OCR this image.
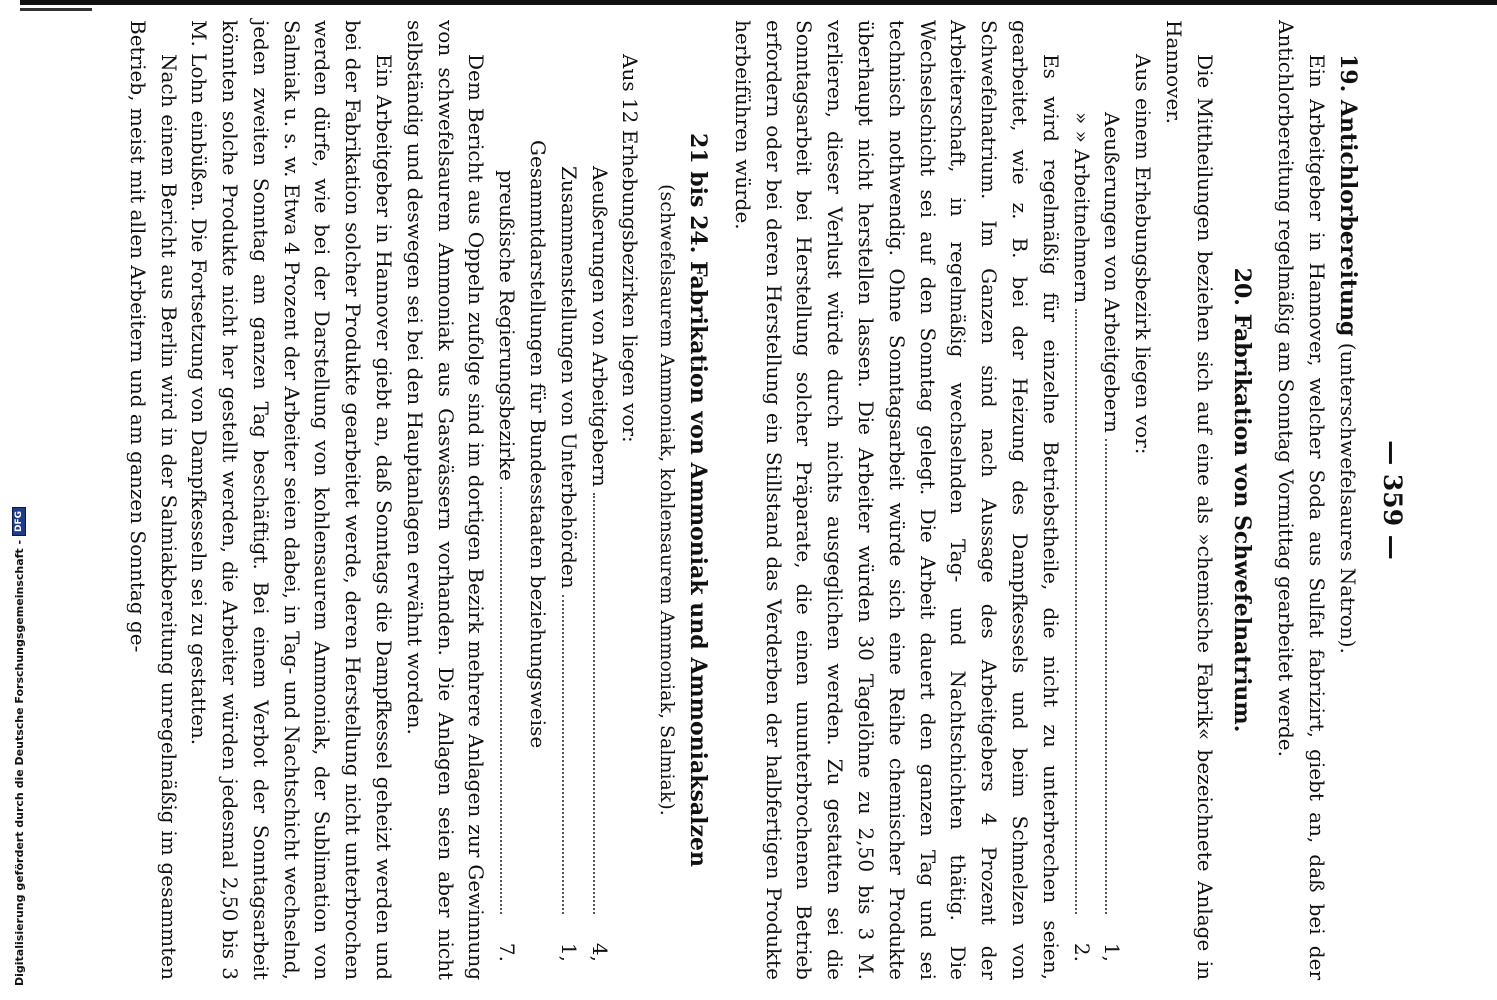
— 359 —

19. Antichlorbereitung (unterschwefelsaures Natron).

Ein Arbeitgeber in Hannover, welcher Soda aus Sulfat fabrizirt, giebt an, daß bei der Antichlorbereitung regelmäßig am Sonntag Vormittag gearbeitet werde.

20. Fabrikation von Schwefelnatrium.

Die Mittheilungen beziehen sich auf eine als »chemische Fabrik« bezeichnete Anlage in Hannover.

Aus einem Erhebungsbezirk liegen vor:

Aeußerungen von Arbeitgebern
1,
» » Arbeitnehmern
2.

Es wird regelmäßig für einzelne Betriebstheile, die nicht zu unterbrechen seien, gearbeitet, wie z. B. bei der Heizung des Dampfkessels und beim Schmelzen von Schwefelnatrium. Im Ganzen sind nach Aussage des Arbeitgebers 4 Prozent der Arbeiterschaft, in regelmäßig wechselnden Tag- und Nachtschichten thätig. Die Wechselschicht sei auf den Sonntag gelegt. Die Arbeit dauert den ganzen Tag und sei technisch nothwendig. Ohne Sonntagsarbeit würde sich eine Reihe chemischer Produkte überhaupt nicht herstellen lassen. Die Arbeiter würden 30 Tagelöhne zu 2,50 bis 3 M. verlieren, dieser Verlust würde durch nichts ausgeglichen werden. Zu gestatten sei die Sonntagsarbeit bei Herstellung solcher Präparate, die einen ununterbrochenen Betrieb erfordern oder bei deren Herstellung ein Stillstand das Verderben der halbfertigen Produkte herbeiführen würde.

21 bis 24. Fabrikation von Ammoniak und Ammoniaksalzen
(schwefelsaurem Ammoniak, kohlensaurem Ammoniak, Salmiak).

Aus 12 Erhebungsbezirken liegen vor:

Aeußerungen von Arbeitgebern
4,
Zusammenstellungen von Unterbehörden
1,
Gesammtdarstellungen für Bundesstaaten beziehungsweise
preußische Regierungsbezirke
7.

Dem Bericht aus Oppeln zufolge sind im dortigen Bezirk mehrere Anlagen zur Gewinnung von schwefelsaurem Ammoniak aus Gaswässern vorhanden. Die Anlagen seien aber nicht selbständig und deswegen sei bei den Hauptanlagen erwähnt worden.

Ein Arbeitgeber in Hannover giebt an, daß Sonntags die Dampfkessel geheizt werden und bei der Fabrikation solcher Produkte gearbeitet werde, deren Herstellung nicht unterbrochen werden dürfe, wie bei der Darstellung von kohlensaurem Ammoniak, der Sublimation von Salmiak u. s. w. Etwa 4 Prozent der Arbeiter seien dabei, in Tag- und Nachtschicht wechselnd, jeden zweiten Sonntag am ganzen Tag beschäftigt. Bei einem Verbot der Sonntagsarbeit könnten solche Produkte nicht her gestellt werden, die Arbeiter würden jedesmal 2,50 bis 3 M. Lohn einbüßen. Die Fortsetzung von Dampfkesseln sei zu gestatten.

Nach einem Bericht aus Berlin wird in der Salmiakbereitung unregelmäßig im gesammten Betrieb, meist mit allen Arbeitern und am ganzen Sonntag ge-

Digitalisierung gefördert durch die Deutsche Forschungsgemeinschaft -
DFG
